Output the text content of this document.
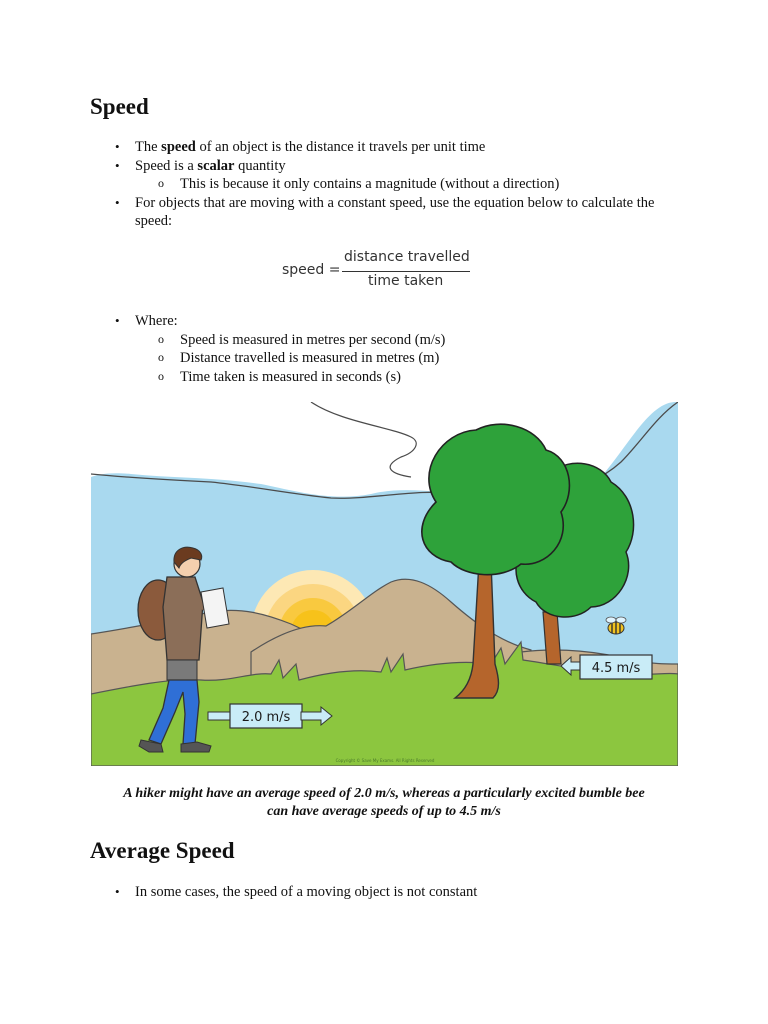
Speed
• The speed of an object is the distance it travels per unit time
• Speed is a scalar quantity
o This is because it only contains a magnitude (without a direction)
• For objects that are moving with a constant speed, use the equation below to calculate the speed:
speed =
distance travelled
time taken
• Where:
o Speed is measured in metres per second (m/s)
o Distance travelled is measured in metres (m)
o Time taken is measured in seconds (s)
4.5 m/s
2.0 m/s
Copyright © Save My Exams. All Rights Reserved
A hiker might have an average speed of 2.0 m/s, whereas a particularly excited bumble bee
can have average speeds of up to 4.5 m/s
Average Speed
• In some cases, the speed of a moving object is not constant
